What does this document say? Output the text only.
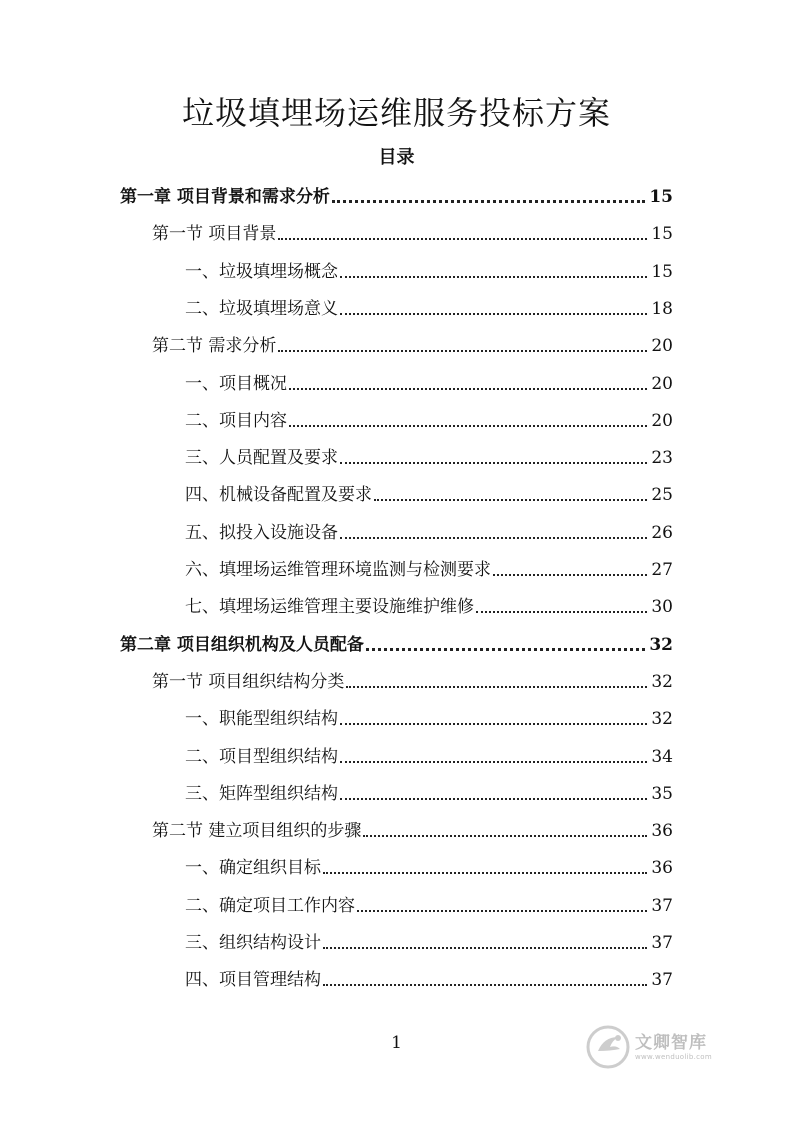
垃圾填埋场运维服务投标方案
目录
第一章 项目背景和需求分析	15
第一节 项目背景	15
一、垃圾填埋场概念	15
二、垃圾填埋场意义	18
第二节 需求分析	20
一、项目概况	20
二、项目内容	20
三、人员配置及要求	23
四、机械设备配置及要求	25
五、拟投入设施设备	26
六、填埋场运维管理环境监测与检测要求	27
七、填埋场运维管理主要设施维护维修	30
第二章 项目组织机构及人员配备	32
第一节 项目组织结构分类	32
一、职能型组织结构	32
二、项目型组织结构	34
三、矩阵型组织结构	35
第二节 建立项目组织的步骤	36
一、确定组织目标	36
二、确定项目工作内容	37
三、组织结构设计	37
四、项目管理结构	37
1	文卿智库
www.wenduolib.com
